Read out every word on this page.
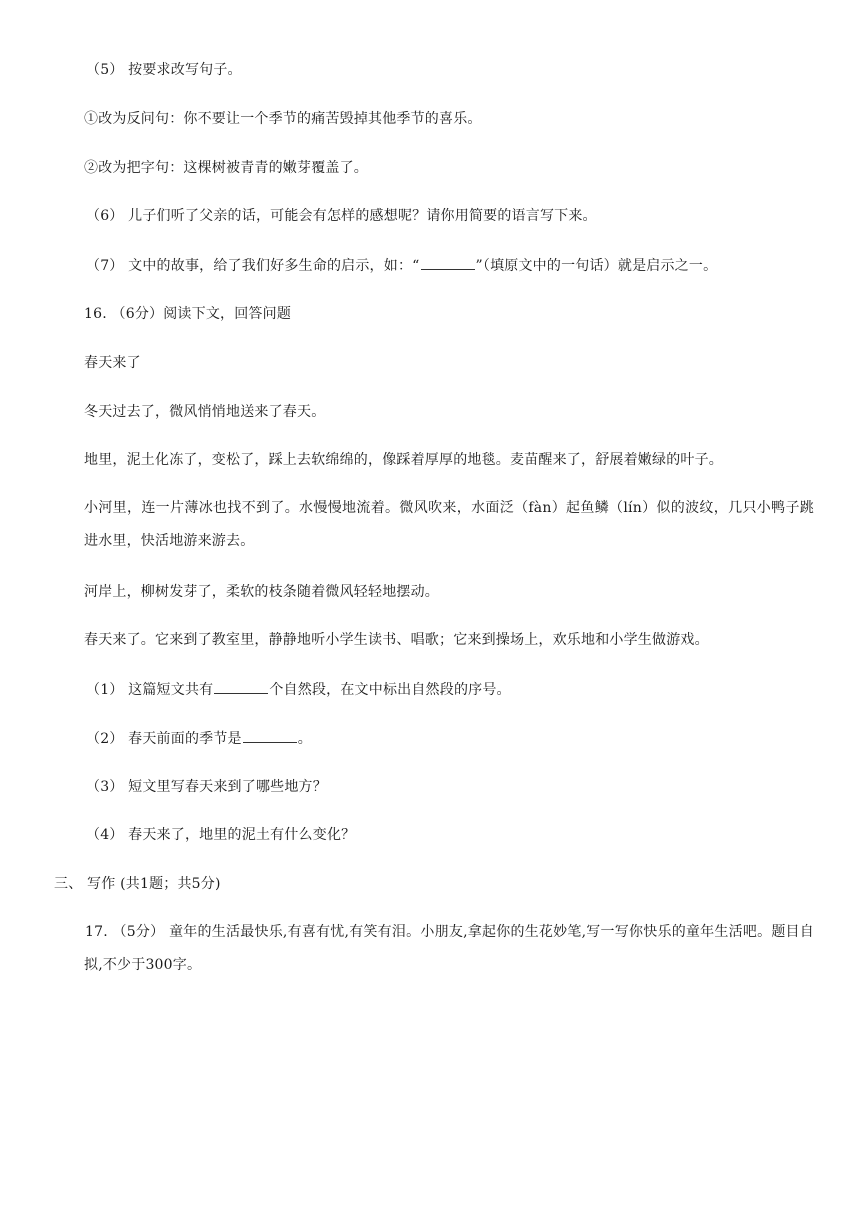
（5） 按要求改写句子。
①改为反问句：你不要让一个季节的痛苦毁掉其他季节的喜乐。
②改为把字句：这棵树被青青的嫩芽覆盖了。
（6） 儿子们听了父亲的话，可能会有怎样的感想呢？请你用简要的语言写下来。
（7） 文中的故事，给了我们好多生命的启示，如：“	”（填原文中的一句话）就是启示之一。
16. （6分）阅读下文，回答问题
春天来了
冬天过去了，微风悄悄地送来了春天。
地里，泥土化冻了，变松了，踩上去软绵绵的，像踩着厚厚的地毯。麦苗醒来了，舒展着嫩绿的叶子。
小河里，连一片薄冰也找不到了。水慢慢地流着。微风吹来，水面泛（fàn）起鱼鳞（lín）似的波纹，几只小鸭子跳进水里，快活地游来游去。
河岸上，柳树发芽了，柔软的枝条随着微风轻轻地摆动。
春天来了。它来到了教室里，静静地听小学生读书、唱歌；它来到操场上，欢乐地和小学生做游戏。
（1） 这篇短文共有	个自然段，在文中标出自然段的序号。
（2） 春天前面的季节是	。
（3） 短文里写春天来到了哪些地方？
（4） 春天来了，地里的泥土有什么变化？
三、 写作 (共1题；共5分)
17. （5分） 童年的生活最快乐,有喜有忧,有笑有泪。小朋友,拿起你的生花妙笔,写一写你快乐的童年生活吧。题目自拟,不少于300字。
